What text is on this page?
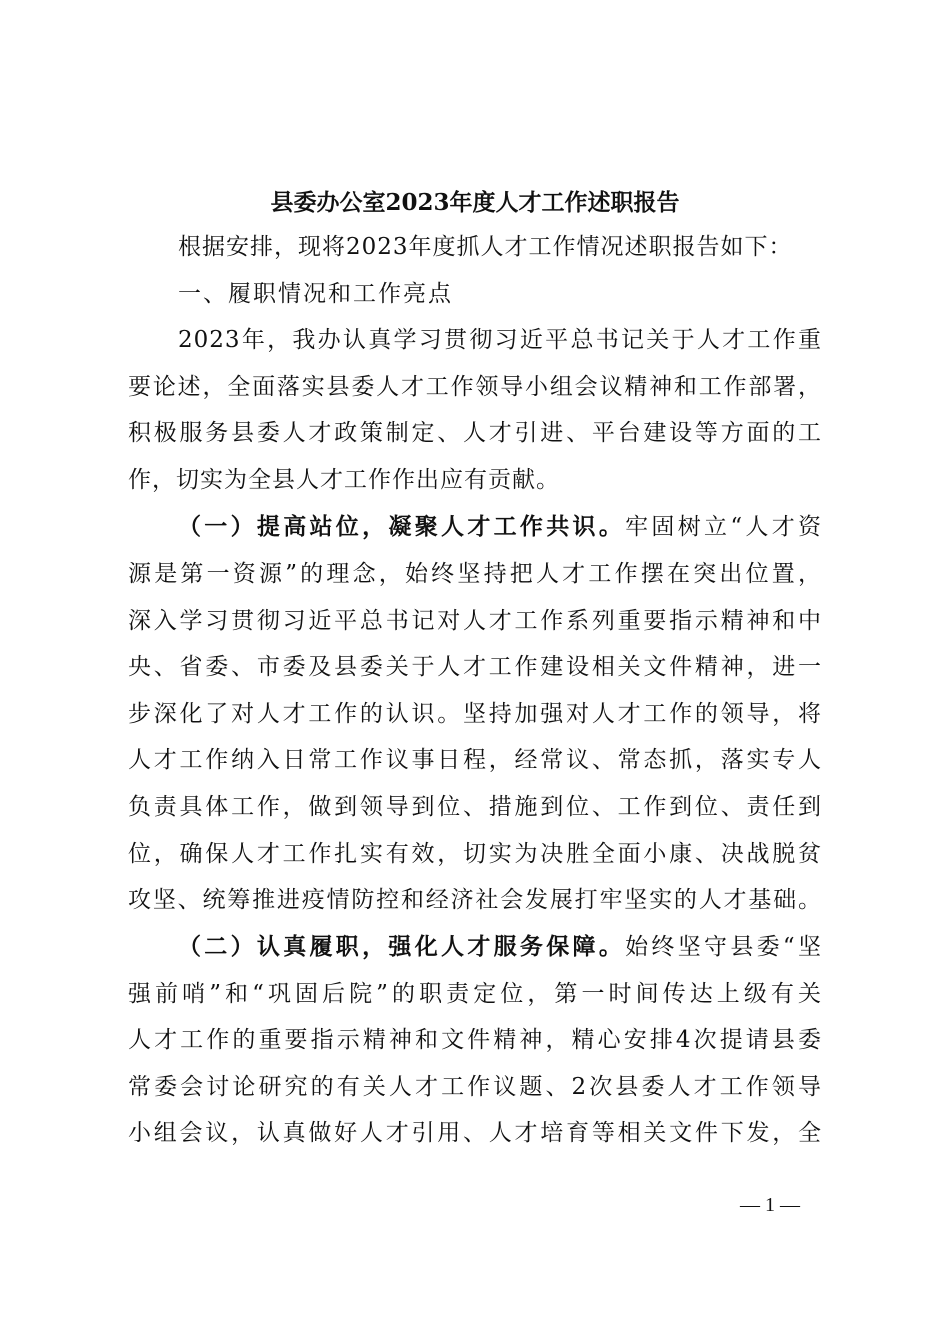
县委办公室2023年度人才工作述职报告
根据安排，现将2023年度抓人才工作情况述职报告如下：
一、履职情况和工作亮点
2023年，我办认真学习贯彻习近平总书记关于人才工作重
要论述，全面落实县委人才工作领导小组会议精神和工作部署，
积极服务县委人才政策制定、人才引进、平台建设等方面的工
作，切实为全县人才工作作出应有贡献。
（一）提高站位，凝聚人才工作共识。牢固树立“人才资
源是第一资源”的理念，始终坚持把人才工作摆在突出位置，
深入学习贯彻习近平总书记对人才工作系列重要指示精神和中
央、省委、市委及县委关于人才工作建设相关文件精神，进一
步深化了对人才工作的认识。坚持加强对人才工作的领导，将
人才工作纳入日常工作议事日程，经常议、常态抓，落实专人
负责具体工作，做到领导到位、措施到位、工作到位、责任到
位，确保人才工作扎实有效，切实为决胜全面小康、决战脱贫
攻坚、统筹推进疫情防控和经济社会发展打牢坚实的人才基础。
（二）认真履职，强化人才服务保障。始终坚守县委“坚
强前哨”和“巩固后院”的职责定位，第一时间传达上级有关
人才工作的重要指示精神和文件精神，精心安排4次提请县委
常委会讨论研究的有关人才工作议题、2次县委人才工作领导
小组会议，认真做好人才引用、人才培育等相关文件下发，全
— 1 —
